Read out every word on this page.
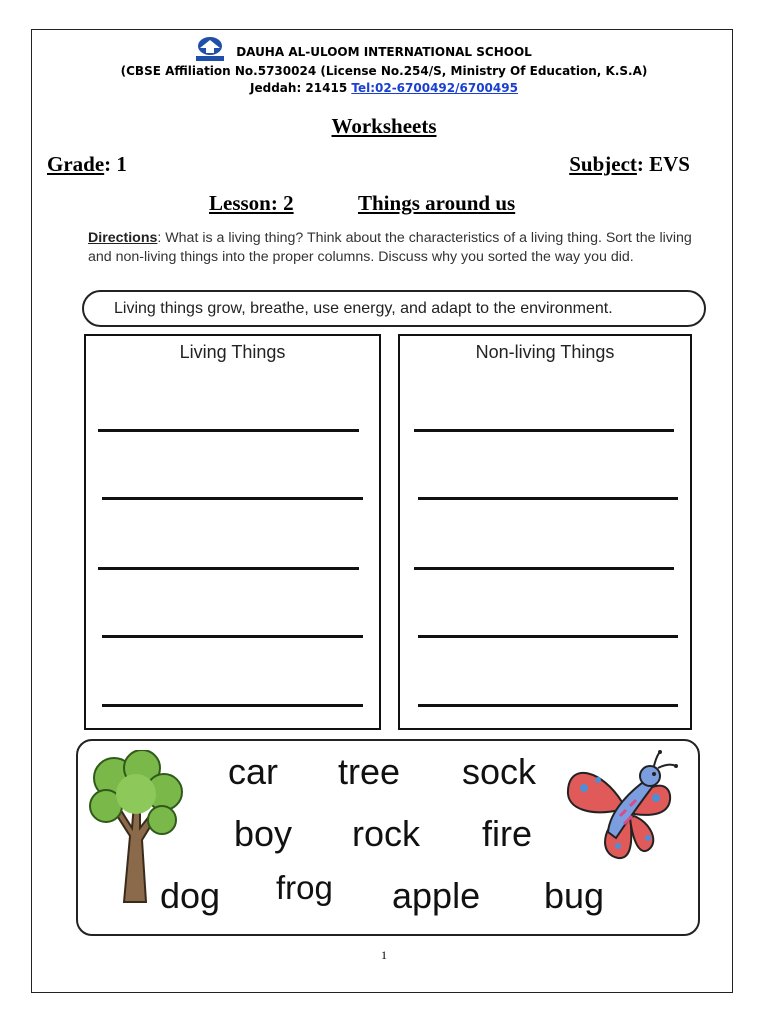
DAUHA AL-ULOOM INTERNATIONAL SCHOOL
(CBSE Affiliation No.5730024 (License No.254/S, Ministry Of Education, K.S.A)
Jeddah: 21415 Tel:02-6700492/6700495
Worksheets
Grade: 1	Subject: EVS
Lesson: 2	Things around us
Directions: What is a living thing? Think about the characteristics of a living thing. Sort the living and non-living things into the proper columns. Discuss why you sorted the way you did.
Living things grow, breathe, use energy, and adapt to the environment.
Living Things	Non-living Things
car tree sock
boy rock fire
dog frog apple bug
1
